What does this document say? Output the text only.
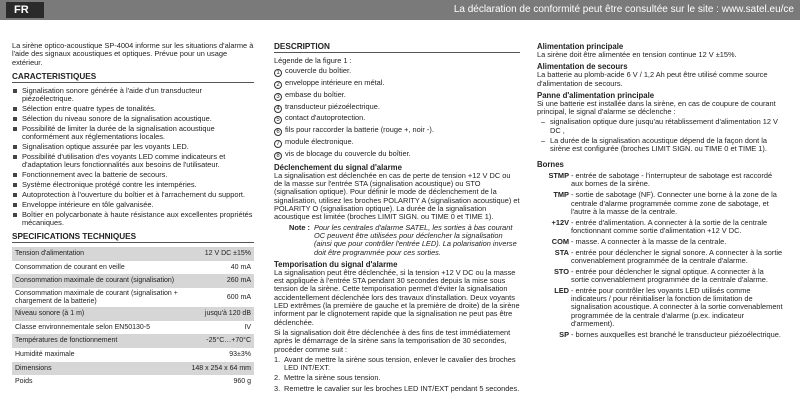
FR	La déclaration de conformité peut être consultée sur le site : www.satel.eu/ce

La sirène optico-acoustique SP-4004 informe sur les situations d'alarme à l'aide des signaux acoustiques et optiques. Prévue pour un usage extérieur.

CARACTERISTIQUES
Signalisation sonore générée à l'aide d'un transducteur piézoélectrique.
Sélection entre quatre types de tonalités.
Sélection du niveau sonore de la signalisation acoustique.
Possibilité de limiter la durée de la signalisation acoustique conformément aux réglementations locales.
Signalisation optique assurée par les voyants LED.
Possibilité d'utilisation d'es voyants LED comme indicateurs et d'adaptation leurs fonctionnalités aux besoins de l'utilisateur.
Fonctionnement avec la batterie de secours.
Système électronique protégé contre les intempéries.
Autoprotection à l'ouverture du boîtier et à l'arrachement du support.
Enveloppe intérieure en tôle galvanisée.
Boîtier en polycarbonate à haute résistance aux excellentes propriétés mécaniques.
SPECIFICATIONS TECHNIQUES
Tension d'alimentation	12 V DC ±15%
Consommation de courant en veille	40 mA
Consommation maximale de courant (signalisation)	260 mA
Consommation maximale de courant (signalisation + chargement de la batterie)	600 mA
Niveau sonore (à 1 m)	jusqu'à 120 dB
Classe environnementale selon EN50130-5	IV
Températures de fonctionnement	-25°C…+70°C
Humidité maximale	93±3%
Dimensions	148 x 254 x 64 mm
Poids	960 g
DESCRIPTION

Légende de la figure 1 :

1 couvercle du boîtier.
2 enveloppe intérieure en métal.
3 embase du boîtier.
4 transducteur piézoélectrique.
5 contact d'autoprotection.
6 fils pour raccorder la batterie (rouge +, noir -).
7 module électronique.
8 vis de blocage du couvercle du boîtier.
Déclenchement du signal d'alarme

La signalisation est déclenchée en cas de perte de tension +12 V DC ou de la masse sur l'entrée STA (signalisation acoustique) ou STO (signalisation optique). Pour définir le mode de déclenchement de la signalisation, utilisez les broches POLARITY A (signalisation acoustique) et POLARITY O (signalisation optique). La durée de la signalisation acoustique est limitée (broches LIMIT SIGN. ou TIME 0 et TIME 1).

Note : Pour les centrales d'alarme SATEL, les sorties à bas courant OC peuvent être utilisées pour déclencher la signalisation (ainsi que pour contrôler l'entrée LED). La polarisation inverse doit être programmée pour ces sorties.
Temporisation du signal d'alarme

La signalisation peut être déclenchée, si la tension +12 V DC ou la masse est appliquée à l'entrée STA pendant 30 secondes depuis la mise sous tension de la sirène. Cette temporisation permet d'éviter la signalisation accidentellement déclenchée lors des travaux d'installation. Deux voyants LED extrêmes (la première de gauche et la première de droite) de la sirène informent par le clignotement rapide que la signalisation ne peut pas être déclenchée.

Si la signalisation doit être déclenchée à des fins de test immédiatement après le démarrage de la sirène sans la temporisation de 30 secondes, procéder comme suit :

1. Avant de mettre la sirène sous tension, enlever le cavalier des broches LED INT/EXT.
2. Mettre la sirène sous tension.
3. Remettre le cavalier sur les broches LED INT/EXT pendant 5 secondes.
Alimentation principale

La sirène doit être alimentée en tension continue 12 V ±15%.

Alimentation de secours

La batterie au plomb-acide 6 V / 1,2 Ah peut être utilisé comme source d'alimentation de secours.

Panne d'alimentation principale

Si une batterie est installée dans la sirène, en cas de coupure de courant principal, le signal d'alarme se déclenche :

– signalisation optique dure jusqu'au rétablissement d'alimentation 12 V DC ,
– La durée de la signalisation acoustique dépend de la façon dont la sirène est configurée (broches LIMIT SIGN. ou TIME 0 et TIME 1).
Bornes
STMP - entrée de sabotage - l'interrupteur de sabotage est raccordé aux bornes de la sirène.
TMP - sortie de sabotage (NF). Connecter une borne à la zone de la centrale d'alarme programmée comme zone de sabotage, et l'autre à la masse de la centrale.
+12V - entrée d'alimentation. A connecter à la sortie de la centrale fonctionnant comme sortie d'alimentation +12 V DC.
COM - masse. A connecter à la masse de la centrale.
STA - entrée pour déclencher le signal sonore. A connecter à la sortie convenablement programmée de la centrale d'alarme.
STO - entrée pour déclencher le signal optique. A connecter à la sortie convenablement programmée de la centrale d'alarme.
LED - entrée pour contrôler les voyants LED utilisés comme indicateurs / pour réinitialiser la fonction de limitation de signalisation acoustique. A connecter à la sortie convenablement programmée de la centrale d'alarme (p.ex. indicateur d'armement).
SP - bornes auxquelles est branché le transducteur piézoélectrique.
